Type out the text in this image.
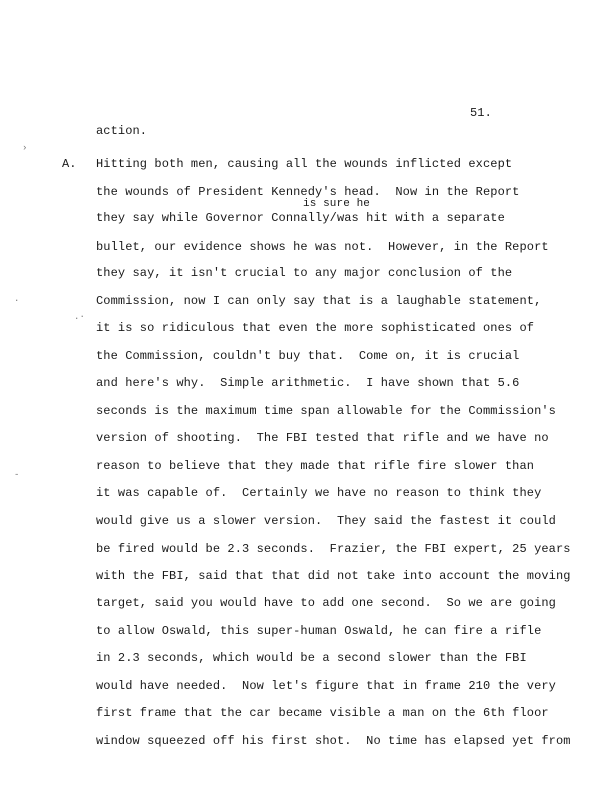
51.
›
·
.·
-
A.
is sure he
action.
Hitting both men, causing all the wounds inflicted except
the wounds of President Kennedy's head.  Now in the Report
they say while Governor Connally/was hit with a separate
bullet, our evidence shows he was not.  However, in the Report
they say, it isn't crucial to any major conclusion of the
Commission, now I can only say that is a laughable statement,
it is so ridiculous that even the more sophisticated ones of
the Commission, couldn't buy that.  Come on, it is crucial
and here's why.  Simple arithmetic.  I have shown that 5.6
seconds is the maximum time span allowable for the Commission's
version of shooting.  The FBI tested that rifle and we have no
reason to believe that they made that rifle fire slower than
it was capable of.  Certainly we have no reason to think they
would give us a slower version.  They said the fastest it could
be fired would be 2.3 seconds.  Frazier, the FBI expert, 25 years
with the FBI, said that that did not take into account the moving
target, said you would have to add one second.  So we are going
to allow Oswald, this super-human Oswald, he can fire a rifle
in 2.3 seconds, which would be a second slower than the FBI
would have needed.  Now let's figure that in frame 210 the very
first frame that the car became visible a man on the 6th floor
window squeezed off his first shot.  No time has elapsed yet from
